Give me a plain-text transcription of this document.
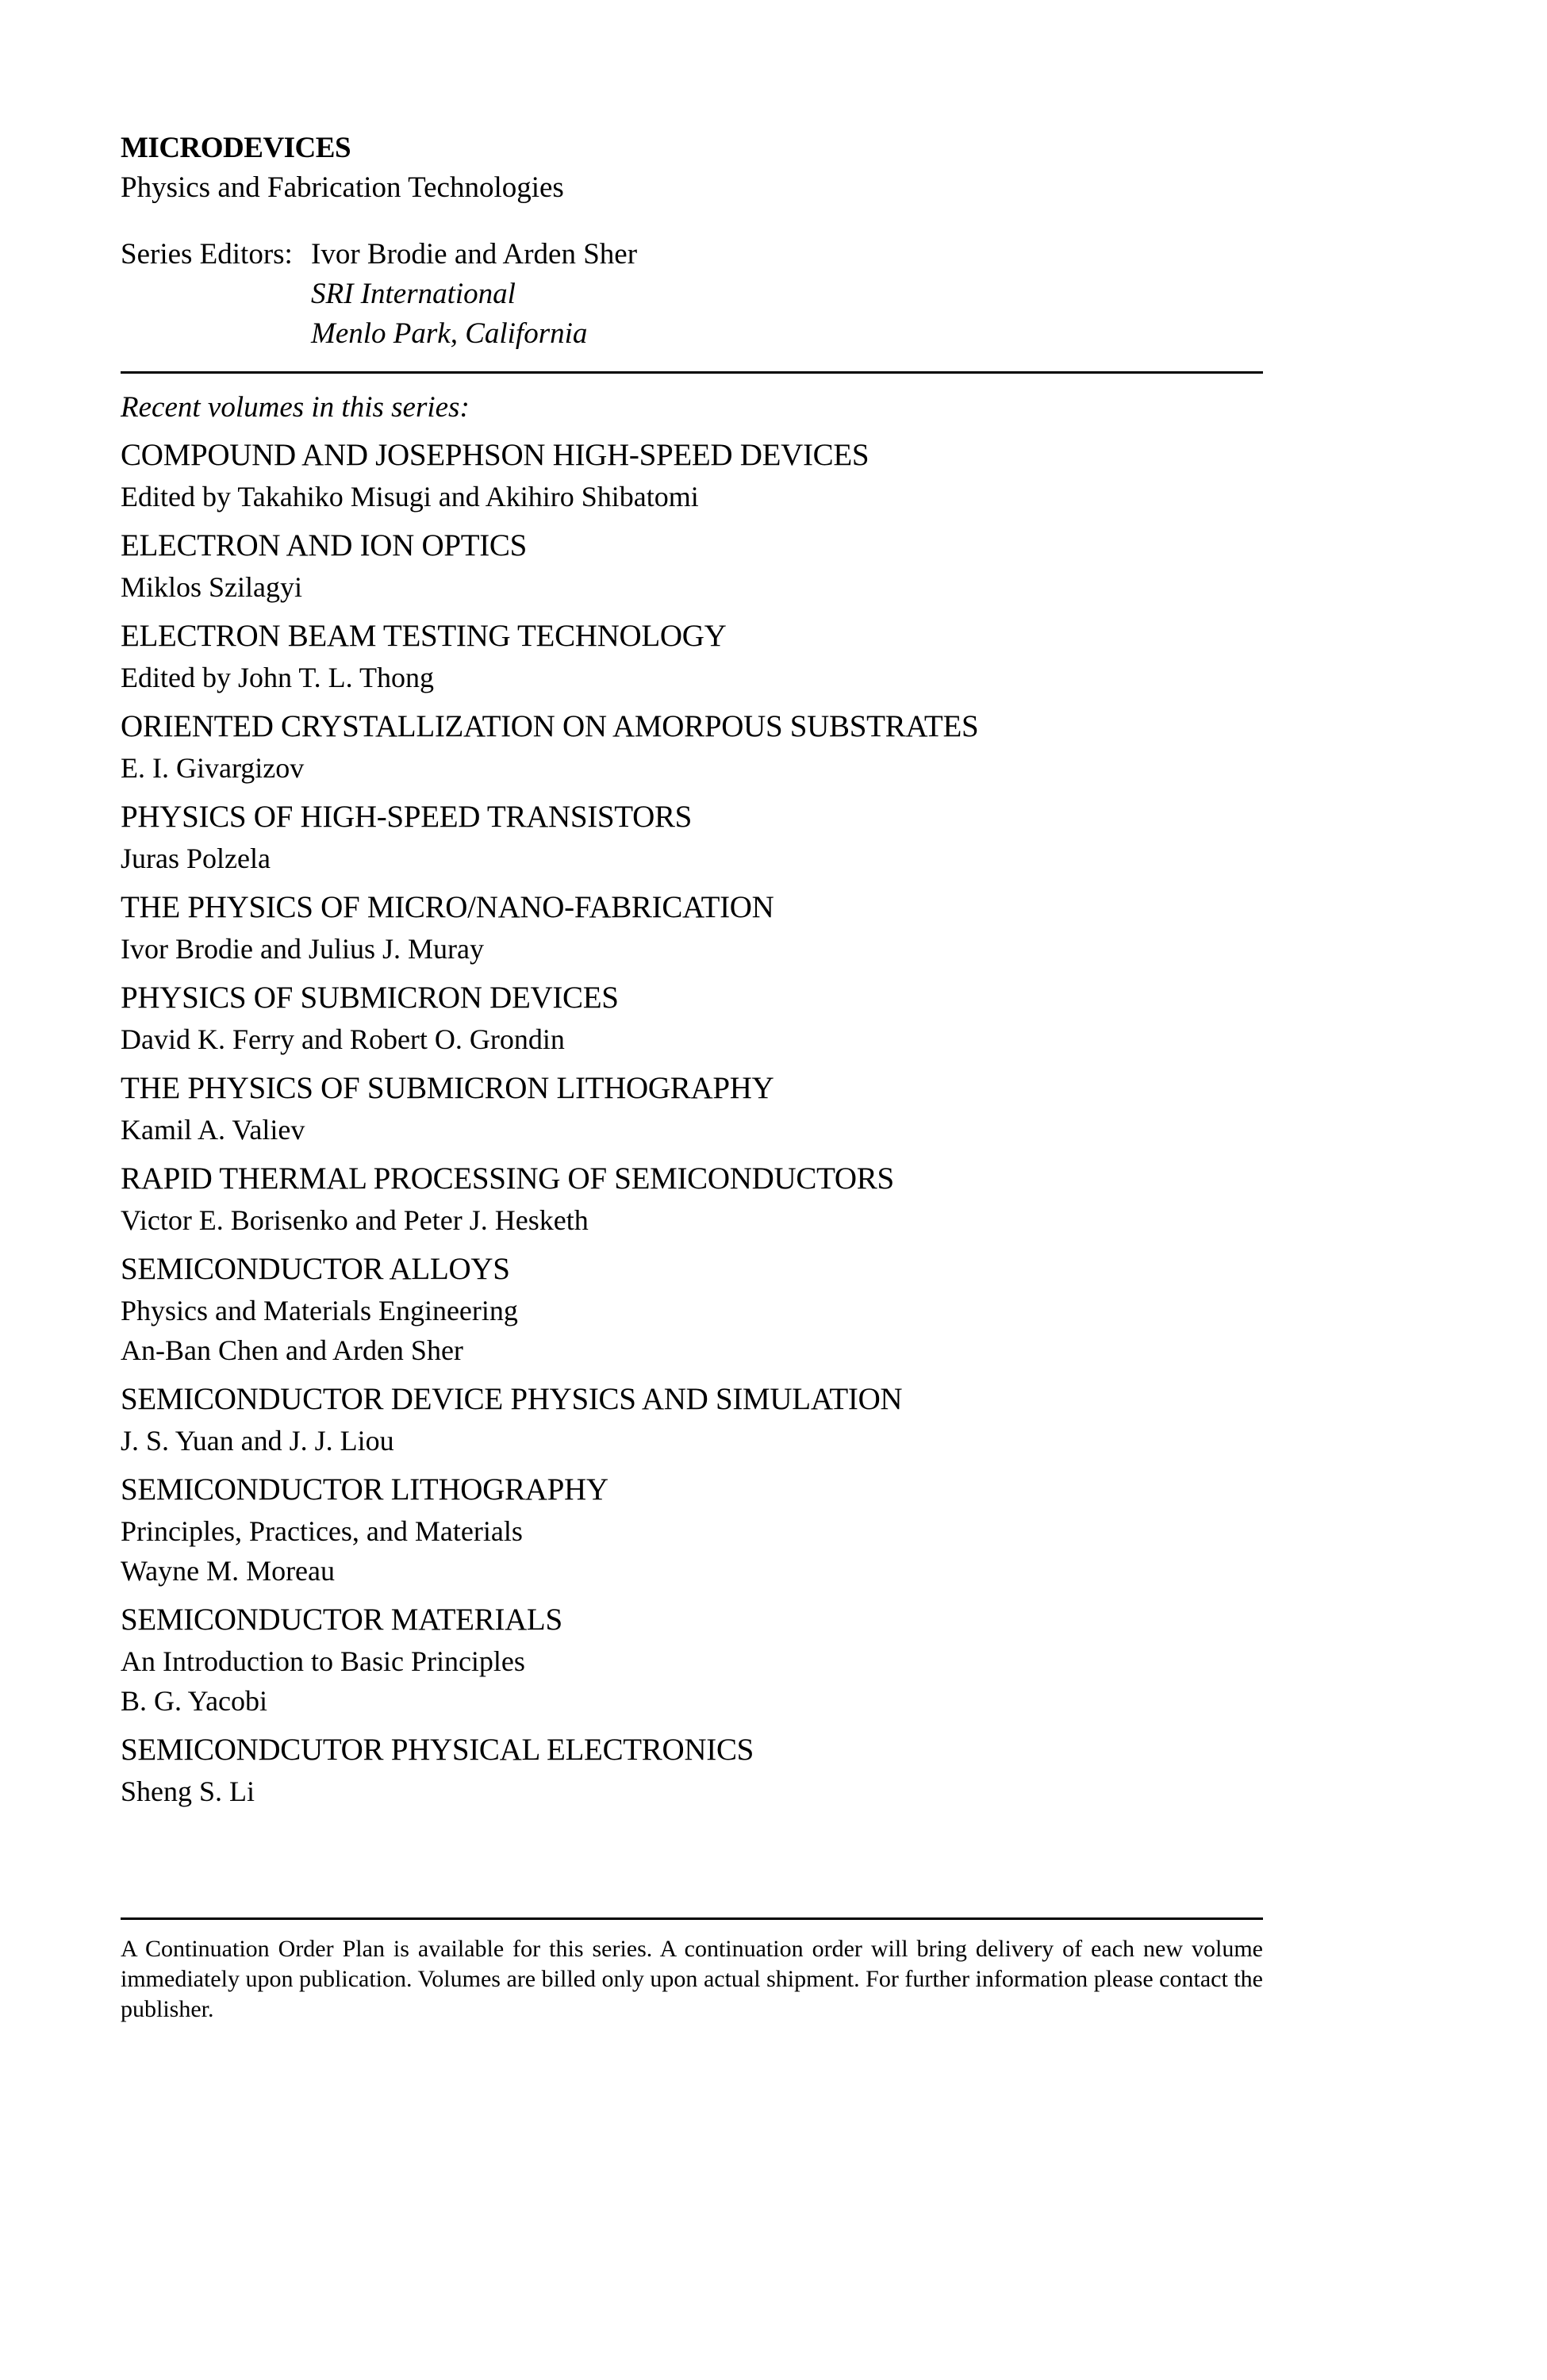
MICRODEVICES
Physics and Fabrication Technologies
Series Editors: Ivor Brodie and Arden Sher
SRI International
Menlo Park, California
Recent volumes in this series:
COMPOUND AND JOSEPHSON HIGH-SPEED DEVICES
Edited by Takahiko Misugi and Akihiro Shibatomi
ELECTRON AND ION OPTICS
Miklos Szilagyi
ELECTRON BEAM TESTING TECHNOLOGY
Edited by John T. L. Thong
ORIENTED CRYSTALLIZATION ON AMORPOUS SUBSTRATES
E. I. Givargizov
PHYSICS OF HIGH-SPEED TRANSISTORS
Juras Polzela
THE PHYSICS OF MICRO/NANO-FABRICATION
Ivor Brodie and Julius J. Muray
PHYSICS OF SUBMICRON DEVICES
David K. Ferry and Robert O. Grondin
THE PHYSICS OF SUBMICRON LITHOGRAPHY
Kamil A. Valiev
RAPID THERMAL PROCESSING OF SEMICONDUCTORS
Victor E. Borisenko and Peter J. Hesketh
SEMICONDUCTOR ALLOYS
Physics and Materials Engineering
An-Ban Chen and Arden Sher
SEMICONDUCTOR DEVICE PHYSICS AND SIMULATION
J. S. Yuan and J. J. Liou
SEMICONDUCTOR LITHOGRAPHY
Principles, Practices, and Materials
Wayne M. Moreau
SEMICONDUCTOR MATERIALS
An Introduction to Basic Principles
B. G. Yacobi
SEMICONDCUTOR PHYSICAL ELECTRONICS
Sheng S. Li
A Continuation Order Plan is available for this series. A continuation order will bring delivery of each new volume immediately upon publication. Volumes are billed only upon actual shipment. For further information please contact the publisher.
